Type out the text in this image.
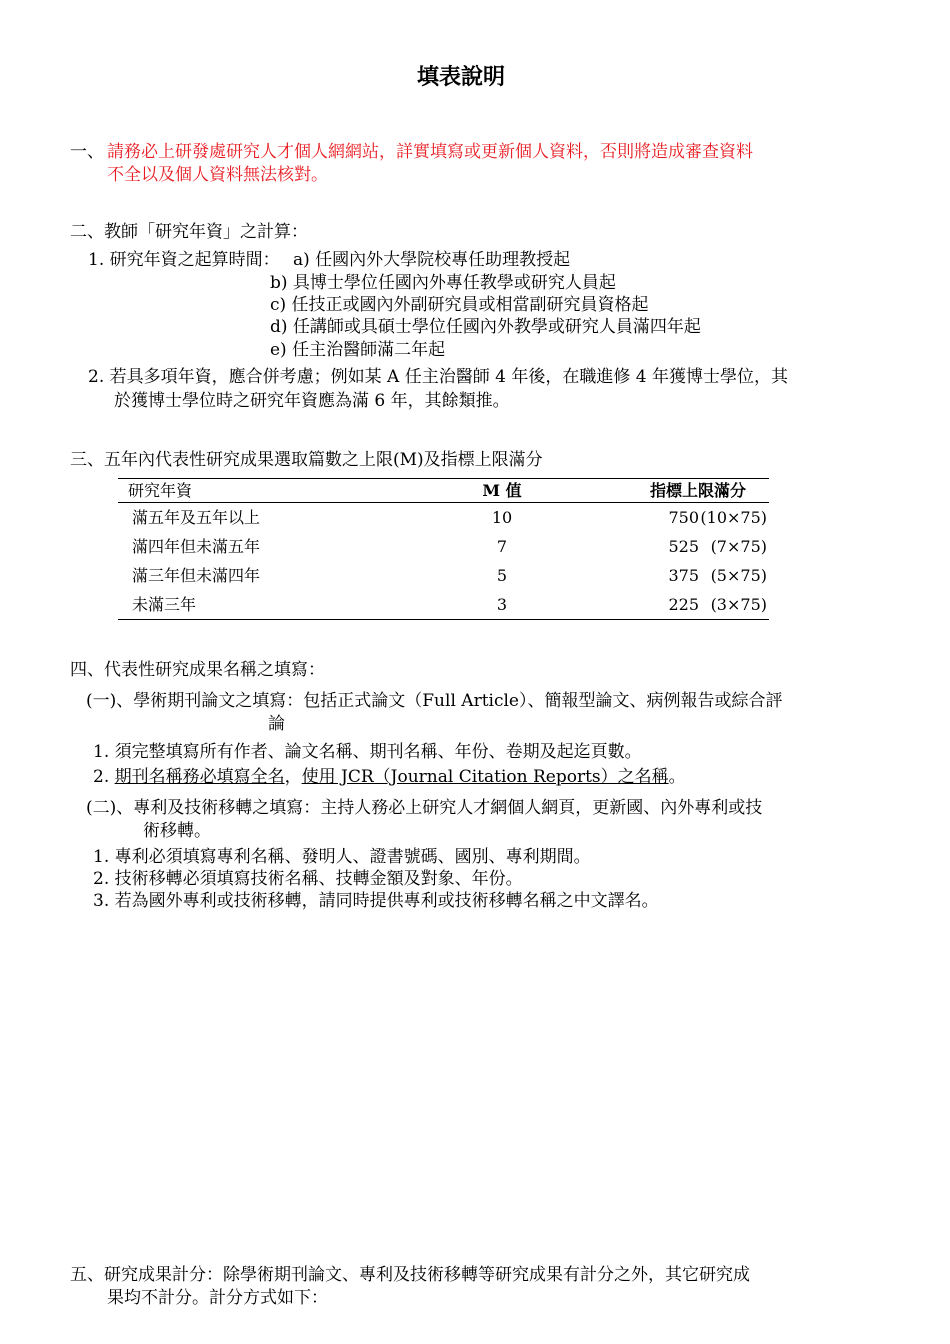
填表說明
一、 請務必上研發處研究人才個人網網站，詳實填寫或更新個人資料，否則將造成審查資料
不全以及個人資料無法核對。
二、教師「研究年資」之計算：
1. 研究年資之起算時間： a) 任國內外大學院校專任助理教授起
b) 具博士學位任國內外專任教學或研究人員起
c) 任技正或國內外副研究員或相當副研究員資格起
d) 任講師或具碩士學位任國內外教學或研究人員滿四年起
e) 任主治醫師滿二年起
2. 若具多項年資，應合併考慮；例如某 A 任主治醫師 4 年後，在職進修 4 年獲博士學位，其
於獲博士學位時之研究年資應為滿 6 年，其餘類推。
三、五年內代表性研究成果選取篇數之上限(M)及指標上限滿分
研究年資	M 值	指標上限滿分
滿五年及五年以上	10	750 (10×75)

滿四年但未滿五年	7	525 (7×75)

滿三年但未滿四年	5	375 (5×75)

未滿三年	3	225 (3×75)
四、代表性研究成果名稱之填寫：
(一)、學術期刊論文之填寫：包括正式論文（Full Article）、簡報型論文、病例報告或綜合評
論
1. 須完整填寫所有作者、論文名稱、期刊名稱、年份、卷期及起迄頁數。
2. 期刊名稱務必填寫全名，使用 JCR（Journal Citation Reports）之名稱。
(二)、專利及技術移轉之填寫：主持人務必上研究人才網個人網頁，更新國、內外專利或技
術移轉。
1. 專利必須填寫專利名稱、發明人、證書號碼、國別、專利期間。
2. 技術移轉必須填寫技術名稱、技轉金額及對象、年份。
3. 若為國外專利或技術移轉，請同時提供專利或技術移轉名稱之中文譯名。
五、研究成果計分：除學術期刊論文、專利及技術移轉等研究成果有計分之外，其它研究成
果均不計分。計分方式如下：
